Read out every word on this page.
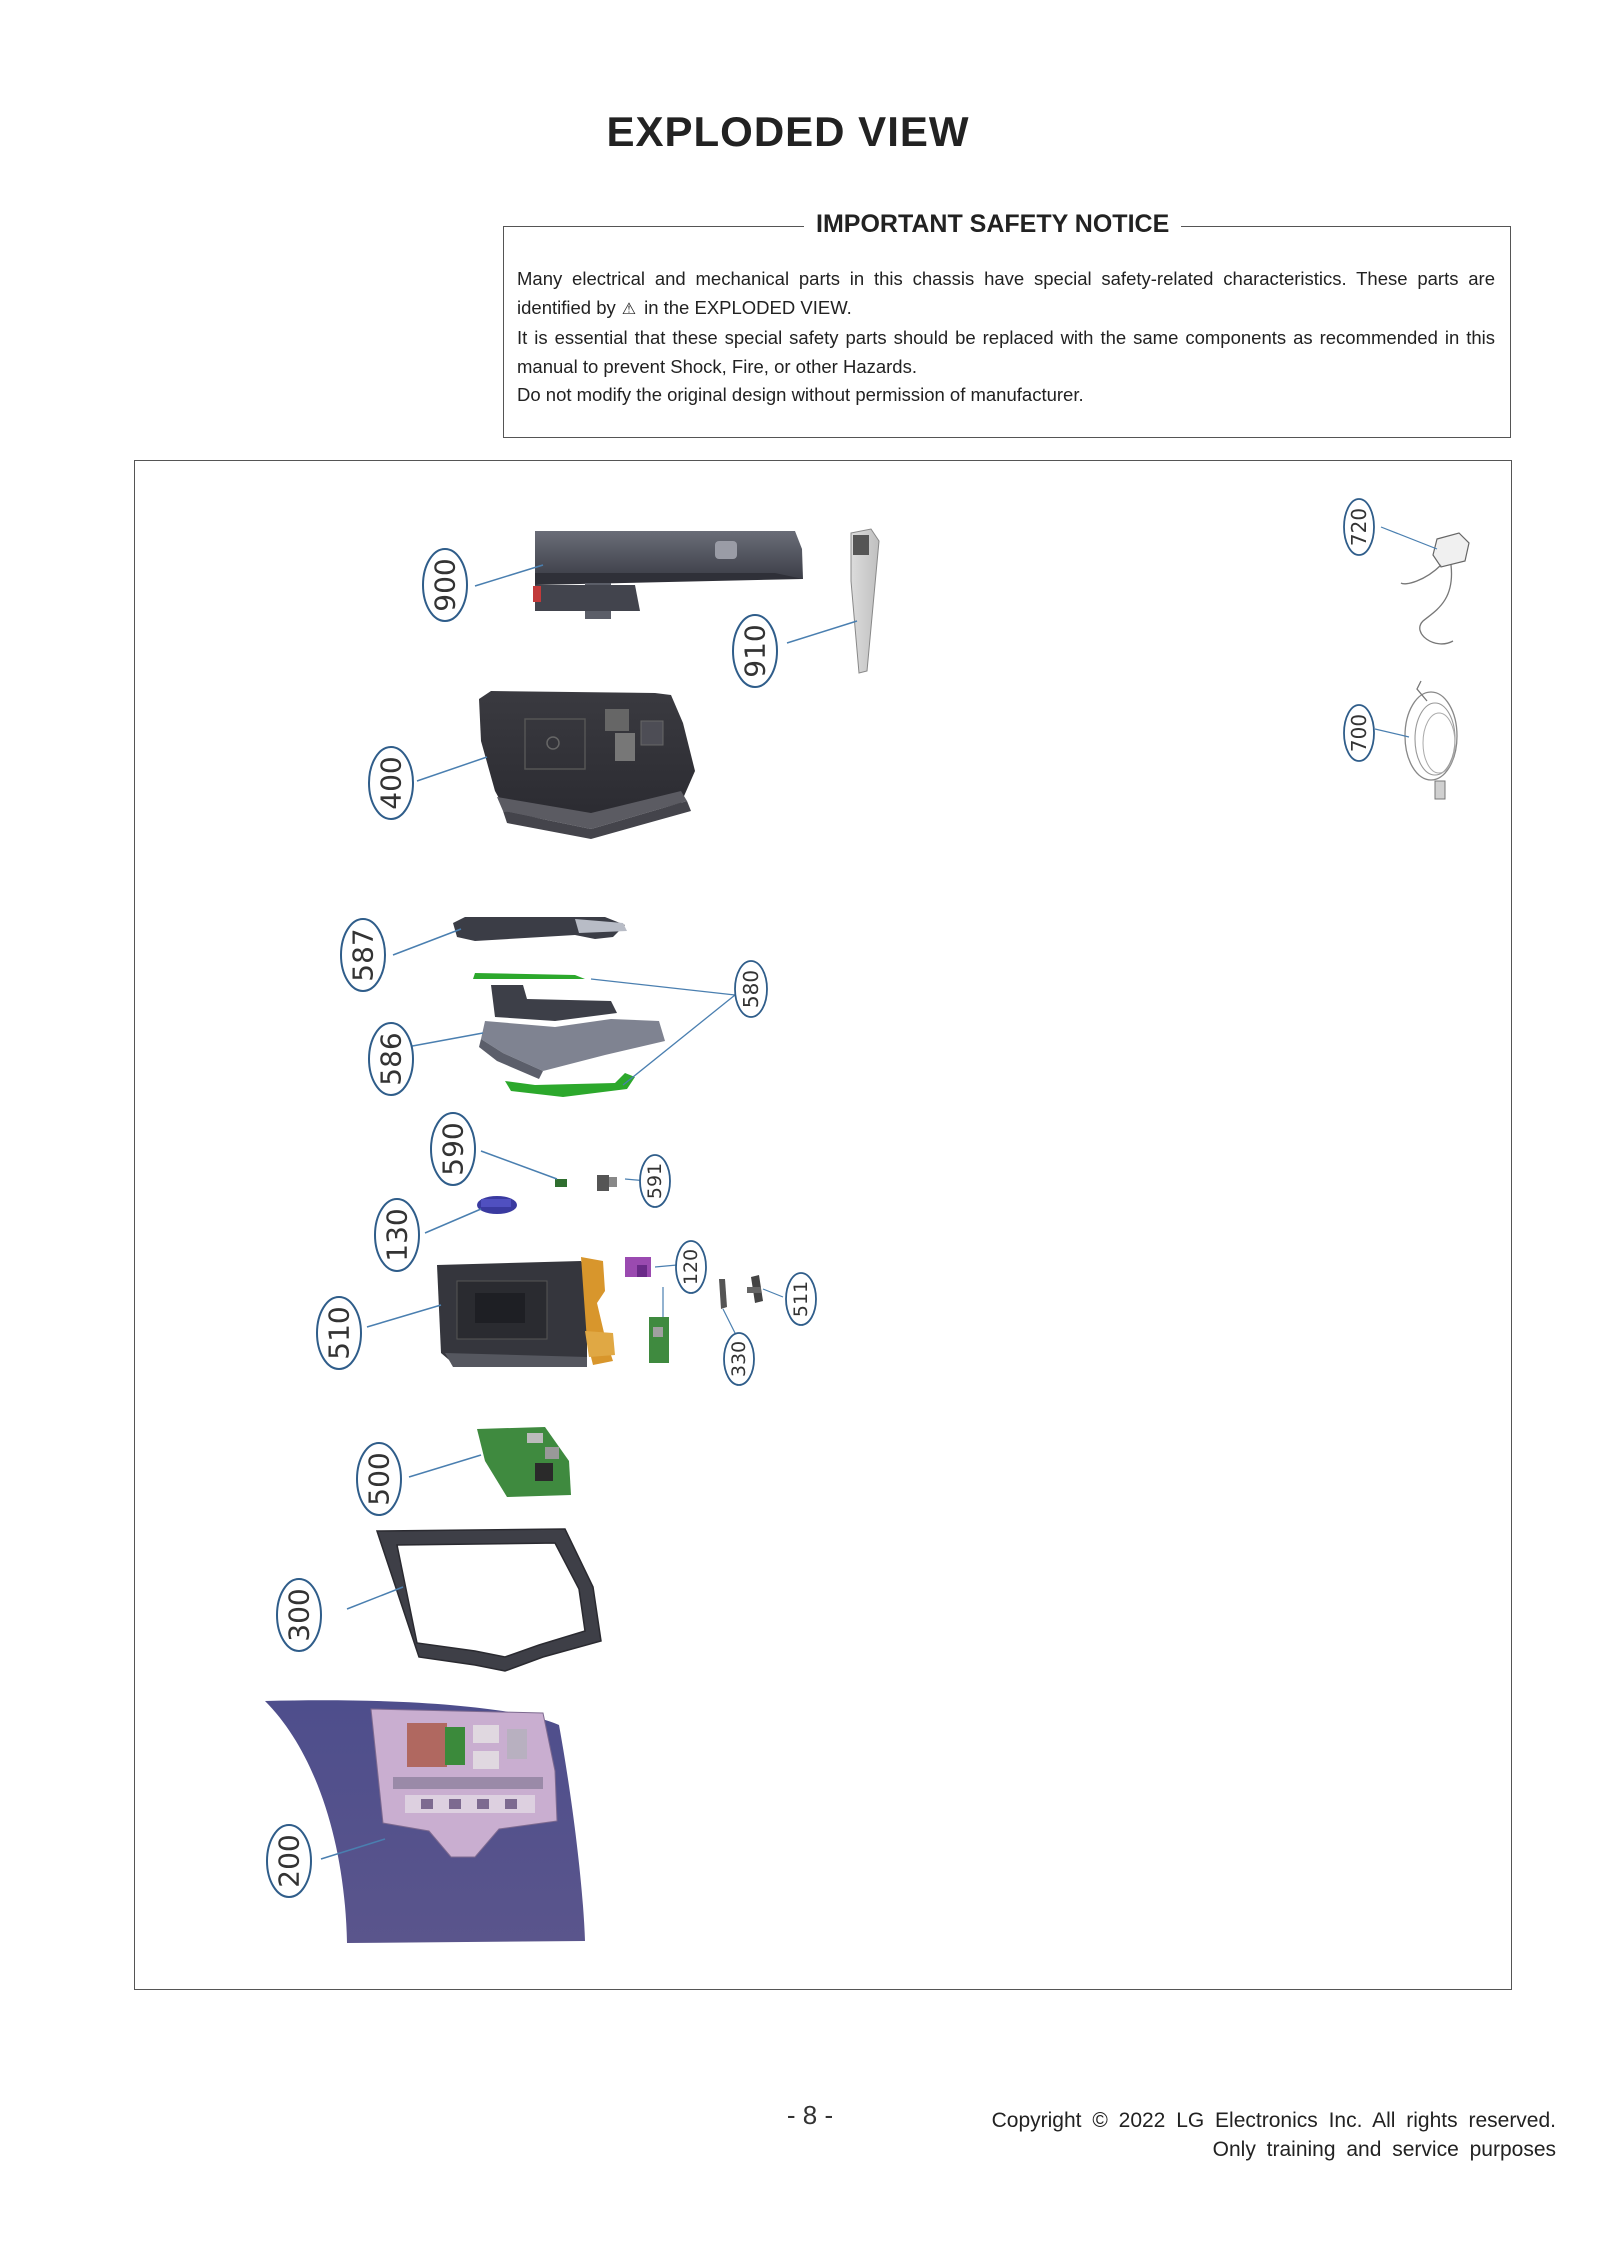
EXPLODED VIEW
IMPORTANT SAFETY NOTICE

Many electrical and mechanical parts in this chassis have special safety-related characteristics. These parts are identified by ⚠ in the EXPLODED VIEW.

It is essential that these special safety parts should be replaced with the same components as recommended in this manual to prevent Shock, Fire, or other Hazards.

Do not modify the original design without permission of manufacturer.

900
910
720
700
400
587
586
580
590
591
130
510
120
330
511
500
300
200
- 8 -	Copyright © 2022 LG Electronics Inc. All rights reserved.
Only training and service purposes
